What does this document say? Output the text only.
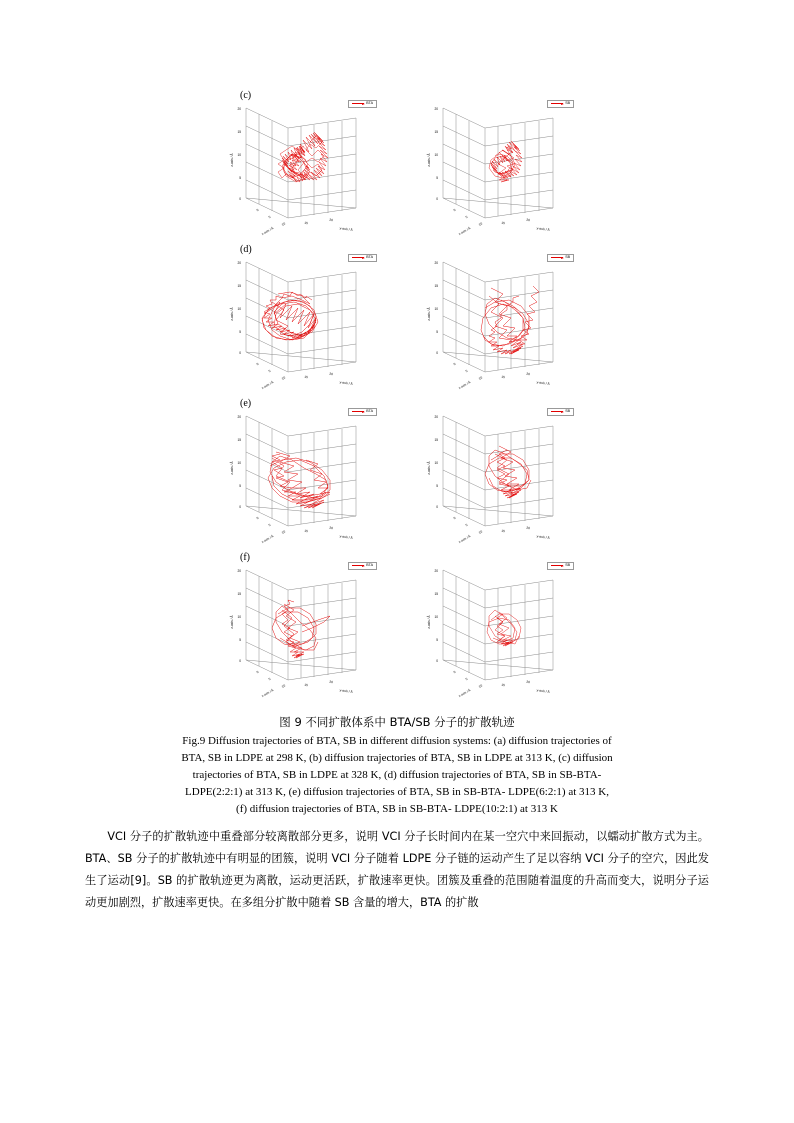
(c)
20
15
10
5
0
z-axis / Å
0
5
10
x-axis / Å
15
20
y-axis / Å
BTA
20
15
10
5
0
z-axis / Å
0
5
10
x-axis / Å
15
20
y-axis / Å
SB
(d)
20
15
10
5
0
z-axis / Å
0
5
10
x-axis / Å
15
20
y-axis / Å
BTA
20
15
10
5
0
z-axis / Å
0
5
10
x-axis / Å
15
20
y-axis / Å
SB
(e)
20
15
10
5
0
z-axis / Å
0
5
10
x-axis / Å
15
20
y-axis / Å
BTA
20
15
10
5
0
z-axis / Å
0
5
10
x-axis / Å
15
20
y-axis / Å
SB
(f)
20
15
10
5
0
z-axis / Å
0
5
10
x-axis / Å
15
20
y-axis / Å
BTA
20
15
10
5
0
z-axis / Å
0
5
10
x-axis / Å
15
20
y-axis / Å
SB
图 9 不同扩散体系中 BTA/SB 分子的扩散轨迹
Fig.9 Diffusion trajectories of BTA, SB in different diffusion systems: (a) diffusion trajectories of
BTA, SB in LDPE at 298 K, (b) diffusion trajectories of BTA, SB in LDPE at 313 K, (c) diffusion
trajectories of BTA, SB in LDPE at 328 K, (d) diffusion trajectories of BTA, SB in SB-BTA-
LDPE(2:2:1) at 313 K, (e) diffusion trajectories of BTA, SB in SB-BTA- LDPE(6:2:1) at 313 K,
(f) diffusion trajectories of BTA, SB in SB-BTA- LDPE(10:2:1) at 313 K

VCI 分子的扩散轨迹中重叠部分较离散部分更多，说明 VCI 分子长时间内在某一空穴中来回振动，以蠕动扩散方式为主。BTA、SB 分子的扩散轨迹中有明显的团簇，说明 VCI 分子随着 LDPE 分子链的运动产生了足以容纳 VCI 分子的空穴，因此发生了运动[9]。SB 的扩散轨迹更为离散，运动更活跃，扩散速率更快。团簇及重叠的范围随着温度的升高而变大，说明分子运动更加剧烈，扩散速率更快。在多组分扩散中随着 SB 含量的增大，BTA 的扩散
